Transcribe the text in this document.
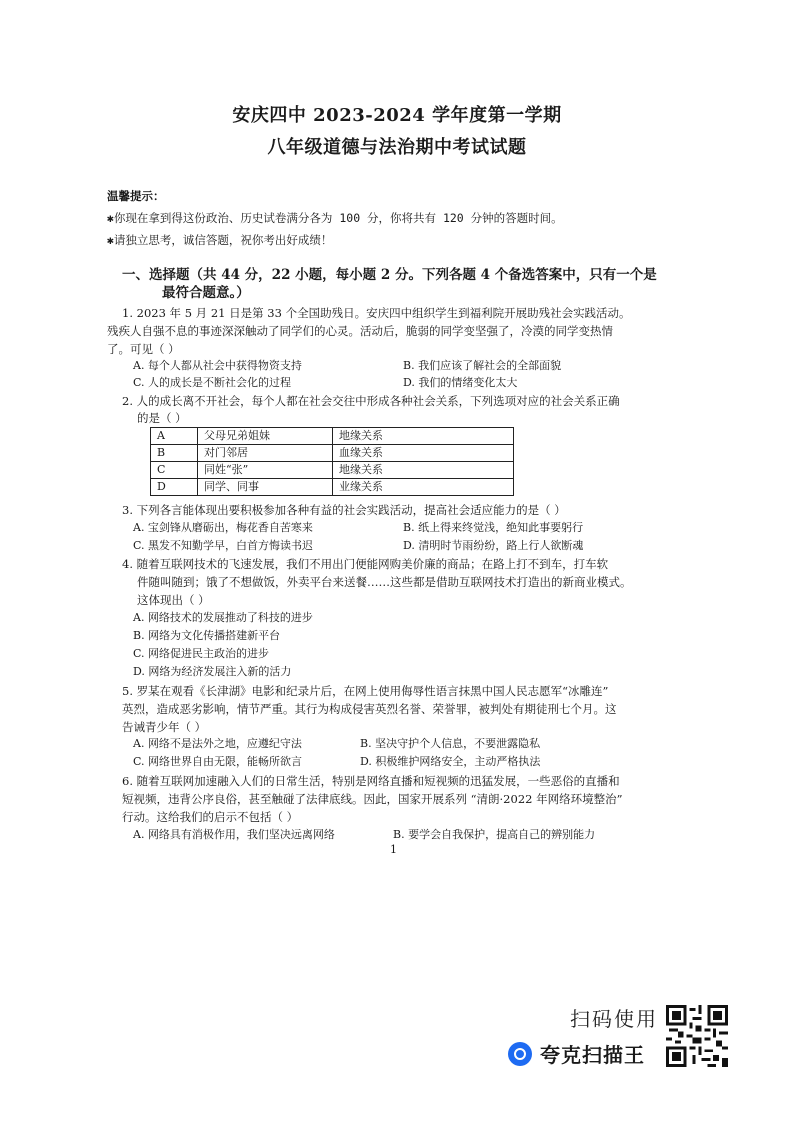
安庆四中 2023-2024 学年度第一学期
八年级道德与法治期中考试试题
温馨提示：
✱你现在拿到得这份政治、历史试卷满分各为 100 分，你将共有 120 分钟的答题时间。
✱请独立思考，诚信答题，祝你考出好成绩！
一、选择题（共 44 分，22 小题，每小题 2 分。下列各题 4 个备选答案中，只有一个是
最符合题意。）
1. 2023 年 5 月 21 日是第 33 个全国助残日。安庆四中组织学生到福利院开展助残社会实践活动。
残疾人自强不息的事迹深深触动了同学们的心灵。活动后，脆弱的同学变坚强了，冷漠的同学变热情
了。可见（ ）
A. 每个人都从社会中获得物资支持	B. 我们应该了解社会的全部面貌
C. 人的成长是不断社会化的过程	D. 我们的情绪变化太大
2. 人的成长离不开社会，每个人都在社会交往中形成各种社会关系，下列选项对应的社会关系正确
的是（ ）
A	父母兄弟姐妹	地缘关系
B	对门邻居	血缘关系
C	同姓“张”	地缘关系
D	同学、同事	业缘关系
3. 下列各言能体现出要积极参加各种有益的社会实践活动，提高社会适应能力的是（ ）
A. 宝剑锋从磨砺出，梅花香自苦寒来	B. 纸上得来终觉浅，绝知此事要躬行
C. 黑发不知勤学早，白首方悔读书迟	D. 清明时节雨纷纷，路上行人欲断魂
4. 随着互联网技术的飞速发展，我们不用出门便能网购美价廉的商品；在路上打不到车，打车软
件随叫随到；饿了不想做饭，外卖平台来送餐……这些都是借助互联网技术打造出的新商业模式。
这体现出（ ）
A. 网络技术的发展推动了科技的进步
B. 网络为文化传播搭建新平台
C. 网络促进民主政治的进步
D. 网络为经济发展注入新的活力
5. 罗某在观看《长津湖》电影和纪录片后，在网上使用侮辱性语言抹黑中国人民志愿军“冰雕连”
英烈，造成恶劣影响，情节严重。其行为构成侵害英烈名誉、荣誉罪，被判处有期徒刑七个月。这
告诫青少年（ ）
A. 网络不是法外之地，应遵纪守法	B. 坚决守护个人信息，不要泄露隐私
C. 网络世界自由无限，能畅所欲言	D. 积极维护网络安全，主动严格执法
6. 随着互联网加速融入人们的日常生活，特别是网络直播和短视频的迅猛发展，一些恶俗的直播和
短视频，违背公序良俗，甚至触碰了法律底线。因此，国家开展系列 “清朗·2022 年网络环境整治”
行动。这给我们的启示不包括（ ）
A. 网络具有消极作用，我们坚决远离网络	B. 要学会自我保护，提高自己的辨别能力
1
扫码使用
夸克扫描王
